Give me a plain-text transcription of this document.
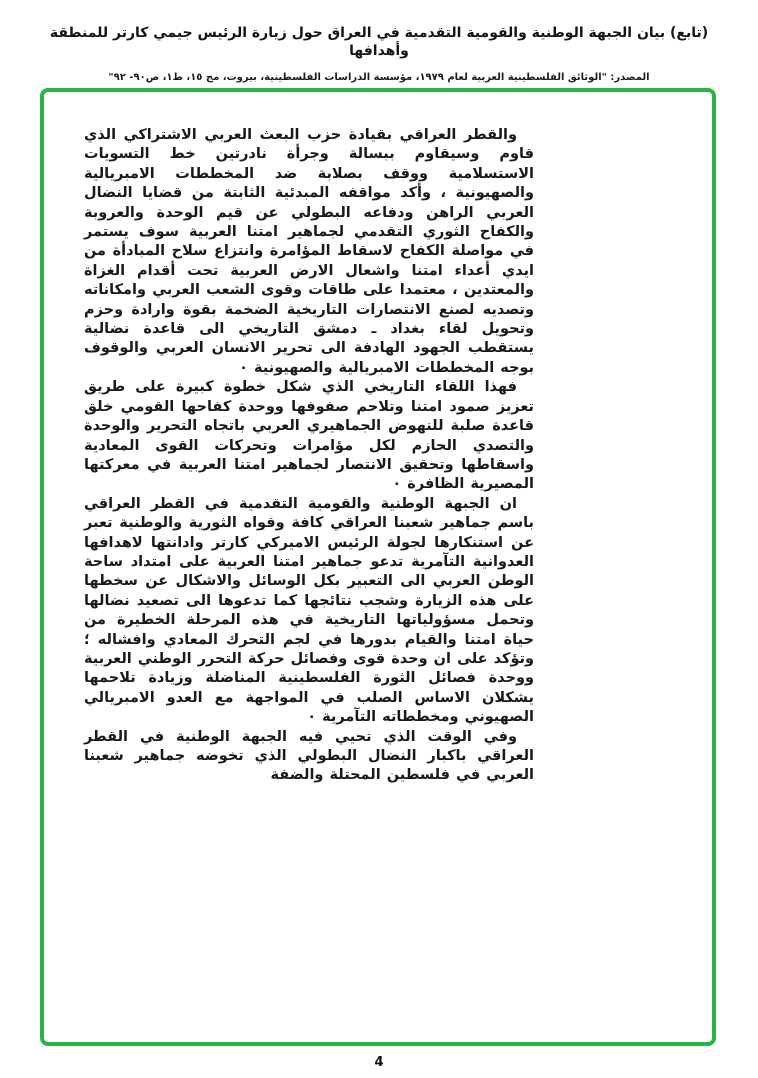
(تابع) بيان الجبهة الوطنية والقومية التقدمية في العراق حول زيارة الرئيس جيمي كارتر للمنطقة وأهدافها
المصدر: "الوثائق الفلسطينية العربية لعام ١٩٧٩، مؤسسة الدراسات الفلسطينية، بيروت، مج ١٥، ط١، ص٩٠- ٩٢"

والقطر العراقي بقيادة حزب البعث العربي الاشتراكي الذي قاوم وسيقاوم ببسالة وجرأة نادرتين خط التسويات الاستسلامية ووقف بصلابة ضد المخططات الامبريالية والصهيونية ، وأكد مواقفه المبدئية الثابتة من قضايا النضال العربي الراهن ودفاعه البطولي عن قيم الوحدة والعروبة والكفاح الثوري التقدمي لجماهير امتنا العربية سوف يستمر في مواصلة الكفاح لاسقاط المؤامرة وانتزاع سلاح المبادأة من ايدي أعداء امتنا واشعال الارض العربية تحت أقدام الغزاة والمعتدين ، معتمدا على طاقات وقوى الشعب العربي وامكاناته وتصديه لصنع الانتصارات التاريخية الضخمة بقوة وارادة وحزم وتحويل لقاء بغداد ـ دمشق التاريخي الى قاعدة نضالية يستقطب الجهود الهادفة الى تحرير الانسان العربي والوقوف بوجه المخططات الامبريالية والصهيونية ٠

فهذا اللقاء التاريخي الذي شكل خطوة كبيرة على طريق تعزيز صمود امتنا وتلاحم صفوفها ووحدة كفاحها القومي خلق قاعدة صلبة للنهوض الجماهيري العربي باتجاه التحرير والوحدة والتصدي الحازم لكل مؤامرات وتحركات القوى المعادية واسقاطها وتحقيق الانتصار لجماهير امتنا العربية في معركتها المصيرية الظافرة ٠

ان الجبهة الوطنية والقومية التقدمية في القطر العراقي باسم جماهير شعبنا العراقي كافة وقواه الثورية والوطنية تعبر عن استنكارها لجولة الرئيس الاميركي كارتر وادانتها لاهدافها العدوانية التآمرية تدعو جماهير امتنا العربية على امتداد ساحة الوطن العربي الى التعبير بكل الوسائل والاشكال عن سخطها على هذه الزيارة وشجب نتائجها كما تدعوها الى تصعيد نضالها وتحمل مسؤولياتها التاريخية في هذه المرحلة الخطيرة من حياة امتنا والقيام بدورها في لجم التحرك المعادي وافشاله ؛ وتؤكد على ان وحدة قوى وفصائل حركة التحرر الوطني العربية ووحدة فصائل الثورة الفلسطينية المناضلة وزيادة تلاحمها يشكلان الاساس الصلب في المواجهة مع العدو الامبريالي الصهيوني ومخططاته التآمرية ٠

وفي الوقت الذي تحيي فيه الجبهة الوطنية في القطر العراقي باكبار النضال البطولي الذي تخوضه جماهير شعبنا العربي في فلسطين المحتلة والضفة

4
